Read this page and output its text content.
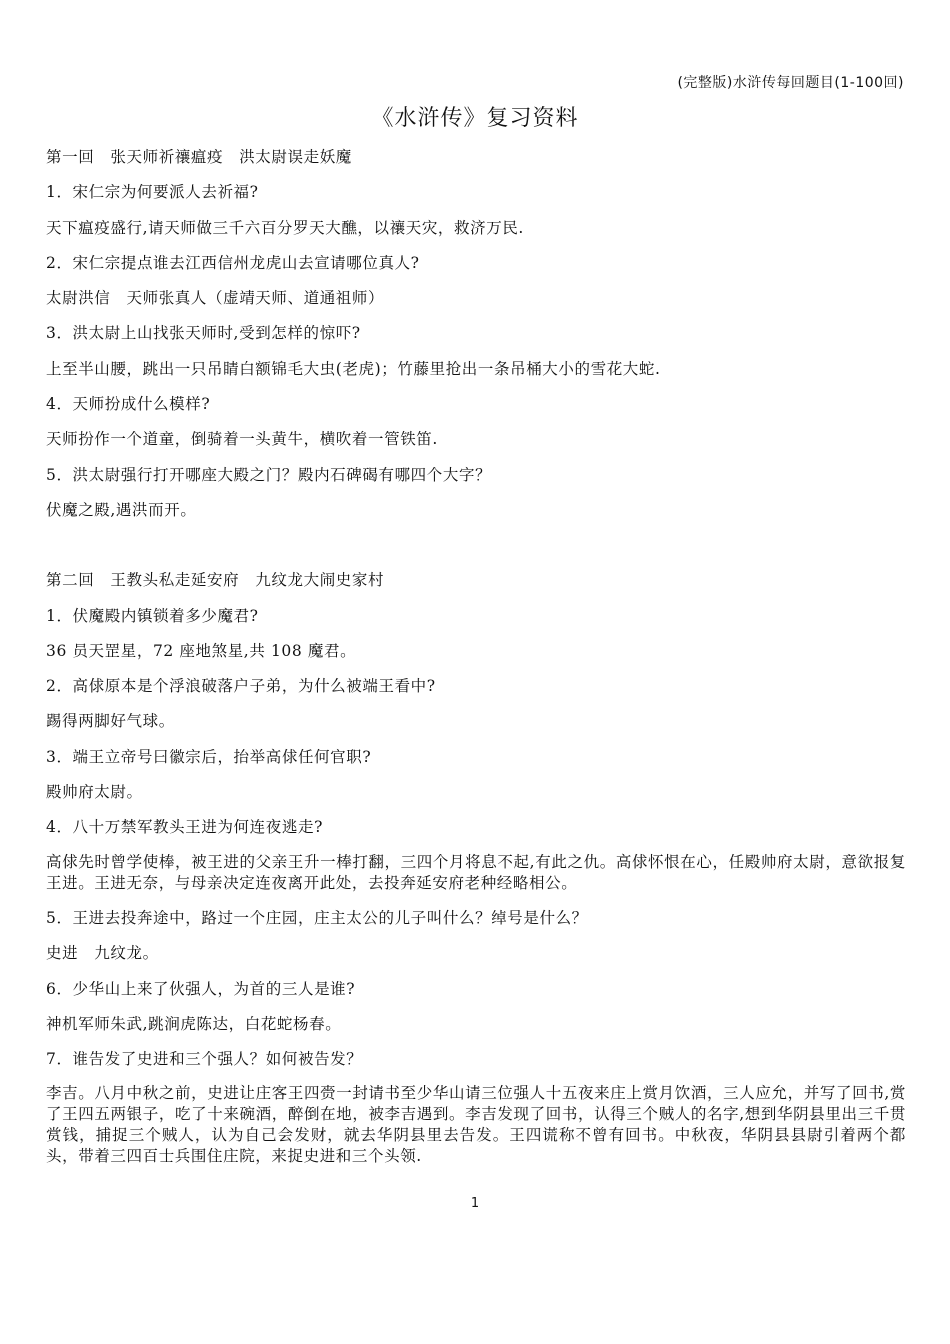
(完整版)水浒传每回题目(1-100回)
《水浒传》复习资料
第一回　张天师祈禳瘟疫　洪太尉误走妖魔
1．宋仁宗为何要派人去祈福?
天下瘟疫盛行,请天师做三千六百分罗天大醮，以禳天灾，救济万民.
2．宋仁宗提点谁去江西信州龙虎山去宣请哪位真人?
太尉洪信　天师张真人（虚靖天师、道通祖师）
3．洪太尉上山找张天师时,受到怎样的惊吓?
上至半山腰，跳出一只吊睛白额锦毛大虫(老虎)；竹藤里抢出一条吊桶大小的雪花大蛇.
4．天师扮成什么模样?
天师扮作一个道童，倒骑着一头黄牛，横吹着一管铁笛.
5．洪太尉强行打开哪座大殿之门？殿内石碑碣有哪四个大字？
伏魔之殿,遇洪而开。
第二回　王教头私走延安府　九纹龙大闹史家村
1．伏魔殿内镇锁着多少魔君?
36 员天罡星，72 座地煞星,共 108 魔君。
2．高俅原本是个浮浪破落户子弟，为什么被端王看中?
踢得两脚好气球。
3．端王立帝号曰徽宗后，抬举高俅任何官职?
殿帅府太尉。
4．八十万禁军教头王进为何连夜逃走?
高俅先时曾学使棒，被王进的父亲王升一棒打翻，三四个月将息不起,有此之仇。高俅怀恨在心，任殿帅府太尉，意欲报复王进。王进无奈，与母亲决定连夜离开此处，去投奔延安府老种经略相公。
5．王进去投奔途中，路过一个庄园，庄主太公的儿子叫什么？绰号是什么？
史进　九纹龙。
6．少华山上来了伙强人，为首的三人是谁?
神机军师朱武,跳涧虎陈达，白花蛇杨春。
7．谁告发了史进和三个强人？如何被告发？
李吉。八月中秋之前，史进让庄客王四赍一封请书至少华山请三位强人十五夜来庄上赏月饮酒，三人应允，并写了回书,赏了王四五两银子，吃了十来碗酒，醉倒在地，被李吉遇到。李吉发现了回书，认得三个贼人的名字,想到华阴县里出三千贯赏钱，捕捉三个贼人，认为自己会发财，就去华阴县里去告发。王四谎称不曾有回书。中秋夜，华阴县县尉引着两个都头，带着三四百士兵围住庄院，来捉史进和三个头领.
1
